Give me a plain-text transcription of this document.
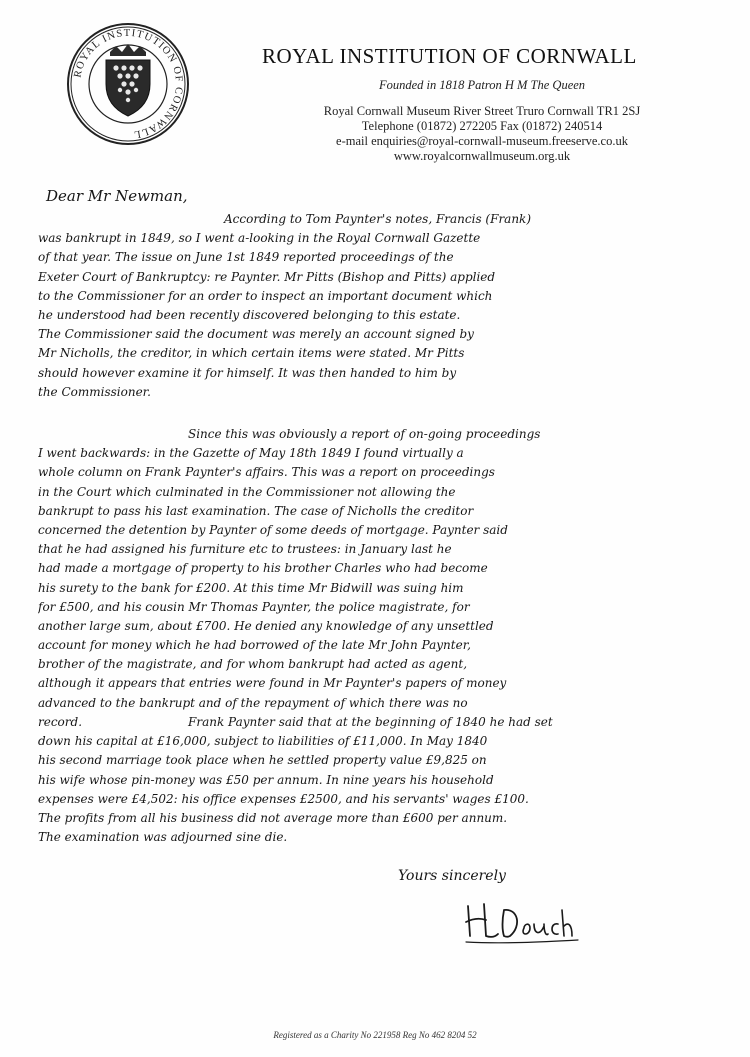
ROYAL INSTITUTION OF CORNWALL
ROYAL INSTITUTION OF CORNWALL
Founded in 1818 Patron H M The Queen
Royal Cornwall Museum River Street Truro Cornwall TR1 2SJ
Telephone (01872) 272205 Fax (01872) 240514
e-mail enquiries@royal-cornwall-museum.freeserve.co.uk
www.royalcornwallmuseum.org.uk
Dear Mr Newman,
According to Tom Paynter's notes, Francis (Frank)
was bankrupt in 1849, so I went a-looking in the Royal Cornwall Gazette
of that year. The issue on June 1st 1849 reported proceedings of the
Exeter Court of Bankruptcy: re Paynter. Mr Pitts (Bishop and Pitts) applied
to the Commissioner for an order to inspect an important document which
he understood had been recently discovered belonging to this estate.
The Commissioner said the document was merely an account signed by
Mr Nicholls, the creditor, in which certain items were stated. Mr Pitts
should however examine it for himself. It was then handed to him by
the Commissioner.
Since this was obviously a report of on-going proceedings
I went backwards: in the Gazette of May 18th 1849 I found virtually a
whole column on Frank Paynter's affairs. This was a report on proceedings
in the Court which culminated in the Commissioner not allowing the
bankrupt to pass his last examination. The case of Nicholls the creditor
concerned the detention by Paynter of some deeds of mortgage. Paynter said
that he had assigned his furniture etc to trustees: in January last he
had made a mortgage of property to his brother Charles who had become
his surety to the bank for £200. At this time Mr Bidwill was suing him
for £500, and his cousin Mr Thomas Paynter, the police magistrate, for
another large sum, about £700. He denied any knowledge of any unsettled
account for money which he had borrowed of the late Mr John Paynter,
brother of the magistrate, and for whom bankrupt had acted as agent,
although it appears that entries were found in Mr Paynter's papers of money
advanced to the bankrupt and of the repayment of which there was no
record.	Frank Paynter said that at the beginning of 1840 he had set
down his capital at £16,000, subject to liabilities of £11,000. In May 1840
his second marriage took place when he settled property value £9,825 on
his wife whose pin-money was £50 per annum. In nine years his household
expenses were £4,502: his office expenses £2500, and his servants' wages £100.
The profits from all his business did not average more than £600 per annum.
The examination was adjourned sine die.
Yours sincerely
Registered as a Charity No 221958 Reg No 462 8204 52
